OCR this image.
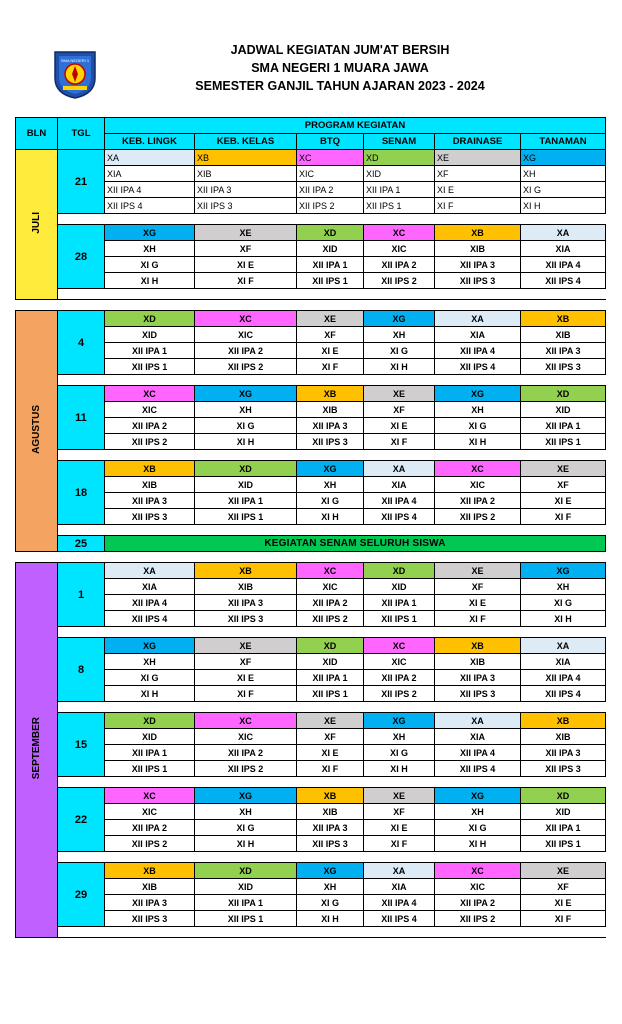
SMA NEGERI 1
JADWAL KEGIATAN JUM'AT BERSIH
SMA NEGERI 1 MUARA JAWA
SEMESTER GANJIL TAHUN AJARAN 2023 - 2024
BLN	TGL	PROGRAM KEGIATAN					
		KEB. LINGK	KEB. KELAS	BTQ	SENAM	DRAINASE	TANAMAN
JULI	21	XA	XB	XC	XD	XE	XG
		XIA	XIB	XIC	XID	XF	XH
		XII IPA 4	XII IPA 3	XII IPA 2	XII IPA 1	XI E	XI G
		XII IPS 4	XII IPS 3	XII IPS 2	XII IPS 1	XI F	XI H

	28	XG	XE	XD	XC	XB	XA
		XH	XF	XID	XIC	XIB	XIA
		XI G	XI E	XII IPA 1	XII IPA 2	XII IPA 3	XII IPA 4
		XI H	XI F	XII IPS 1	XII IPS 2	XII IPS 3	XII IPS 4

AGUSTUS	4	XD	XC	XE	XG	XA	XB
		XID	XIC	XF	XH	XIA	XIB
		XII IPA 1	XII IPA 2	XI E	XI G	XII IPA 4	XII IPA 3
		XII IPS 1	XII IPS 2	XI F	XI H	XII IPS 4	XII IPS 3

	11	XC	XG	XB	XE	XG	XD
		XIC	XH	XIB	XF	XH	XID
		XII IPA 2	XI G	XII IPA 3	XI E	XI G	XII IPA 1
		XII IPS 2	XI H	XII IPS 3	XI F	XI H	XII IPS 1

	18	XB	XD	XG	XA	XC	XE
		XIB	XID	XH	XIA	XIC	XF
		XII IPA 3	XII IPA 1	XI G	XII IPA 4	XII IPA 2	XI E
		XII IPS 3	XII IPS 1	XI H	XII IPS 4	XII IPS 2	XI F

	25	KEGIATAN SENAM SELURUH SISWA					

SEPTEMBER	1	XA	XB	XC	XD	XE	XG
		XIA	XIB	XIC	XID	XF	XH
		XII IPA 4	XII IPA 3	XII IPA 2	XII IPA 1	XI E	XI G
		XII IPS 4	XII IPS 3	XII IPS 2	XII IPS 1	XI F	XI H

	8	XG	XE	XD	XC	XB	XA
		XH	XF	XID	XIC	XIB	XIA
		XI G	XI E	XII IPA 1	XII IPA 2	XII IPA 3	XII IPA 4
		XI H	XI F	XII IPS 1	XII IPS 2	XII IPS 3	XII IPS 4

	15	XD	XC	XE	XG	XA	XB
		XID	XIC	XF	XH	XIA	XIB
		XII IPA 1	XII IPA 2	XI E	XI G	XII IPA 4	XII IPA 3
		XII IPS 1	XII IPS 2	XI F	XI H	XII IPS 4	XII IPS 3

	22	XC	XG	XB	XE	XG	XD
		XIC	XH	XIB	XF	XH	XID
		XII IPA 2	XI G	XII IPA 3	XI E	XI G	XII IPA 1
		XII IPS 2	XI H	XII IPS 3	XI F	XI H	XII IPS 1

	29	XB	XD	XG	XA	XC	XE
		XIB	XID	XH	XIA	XIC	XF
		XII IPA 3	XII IPA 1	XI G	XII IPA 4	XII IPA 2	XI E
		XII IPS 3	XII IPS 1	XI H	XII IPS 4	XII IPS 2	XI F
